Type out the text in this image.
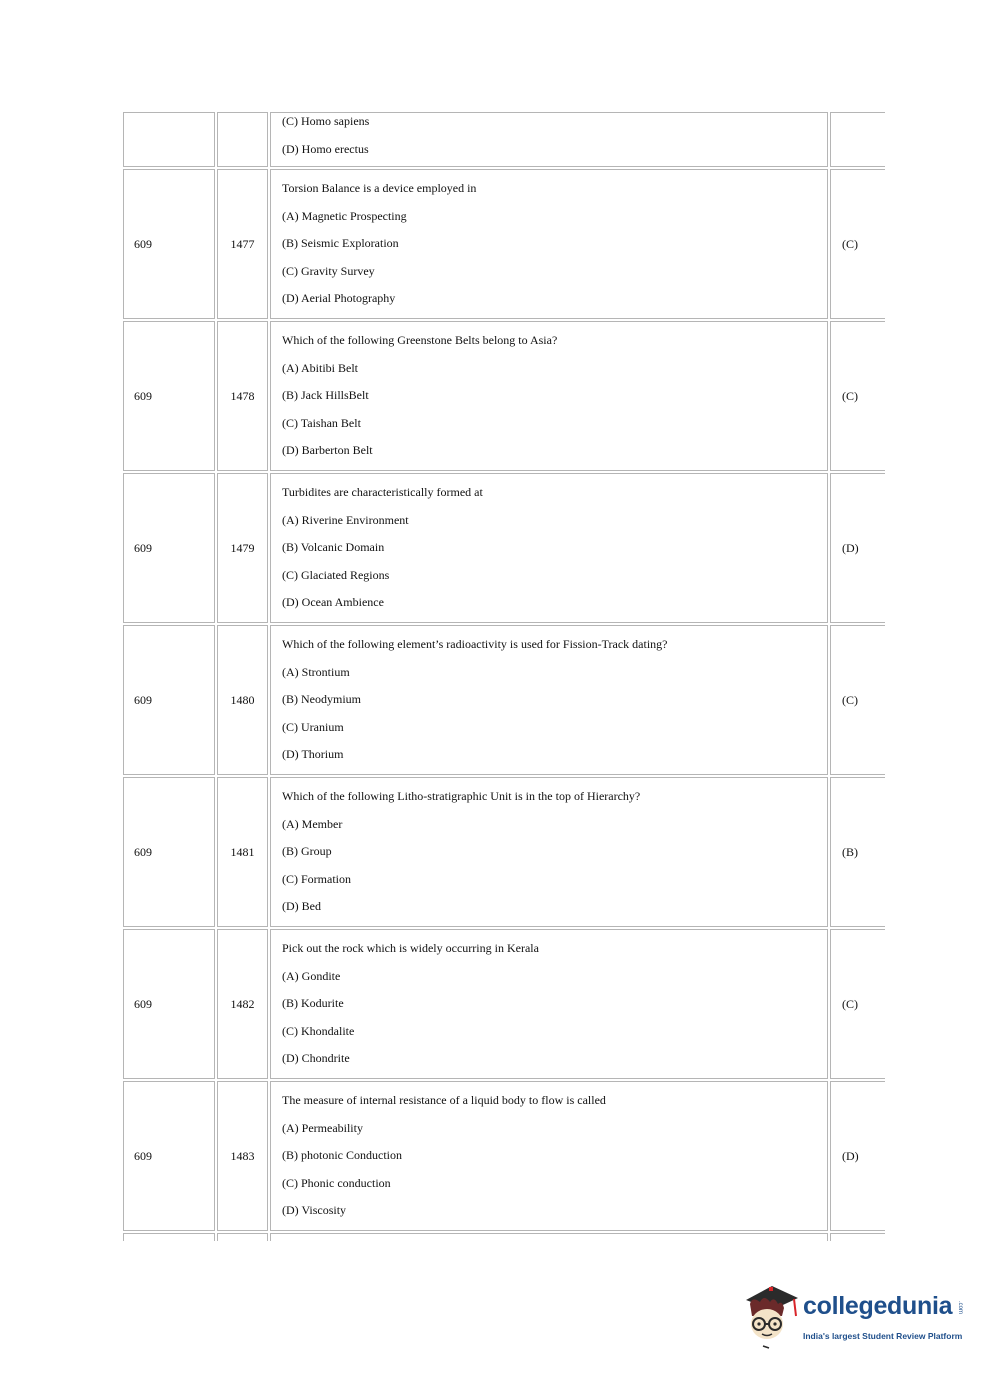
		(C) Homo sapiens
(D) Homo erectus	

609	1477	Torsion Balance is a device employed in
(A) Magnetic Prospecting
(B) Seismic Exploration
(C) Gravity Survey
(D) Aerial Photography	(C)
609	1478	Which of the following Greenstone Belts belong to Asia?
(A) Abitibi Belt
(B) Jack HillsBelt
(C) Taishan Belt
(D) Barberton Belt	(C)
609	1479	Turbidites are characteristically formed at
(A) Riverine Environment
(B) Volcanic Domain
(C) Glaciated Regions
(D) Ocean Ambience	(D)
609	1480	Which of the following element’s radioactivity is used for Fission-Track dating?
(A) Strontium
(B) Neodymium
(C) Uranium
(D) Thorium	(C)
609	1481	Which of the following Litho-stratigraphic Unit is in the top of Hierarchy?
(A) Member
(B) Group
(C) Formation
(D) Bed	(B)
609	1482	Pick out the rock which is widely occurring in Kerala
(A) Gondite
(B) Kodurite
(C) Khondalite
(D) Chondrite	(C)
609	1483	The measure of internal resistance of a liquid body to flow is called
(A) Permeability
(B) photonic Conduction
(C) Phonic conduction
(D) Viscosity	(D)

collegedunia .com
India's largest Student Review Platform
